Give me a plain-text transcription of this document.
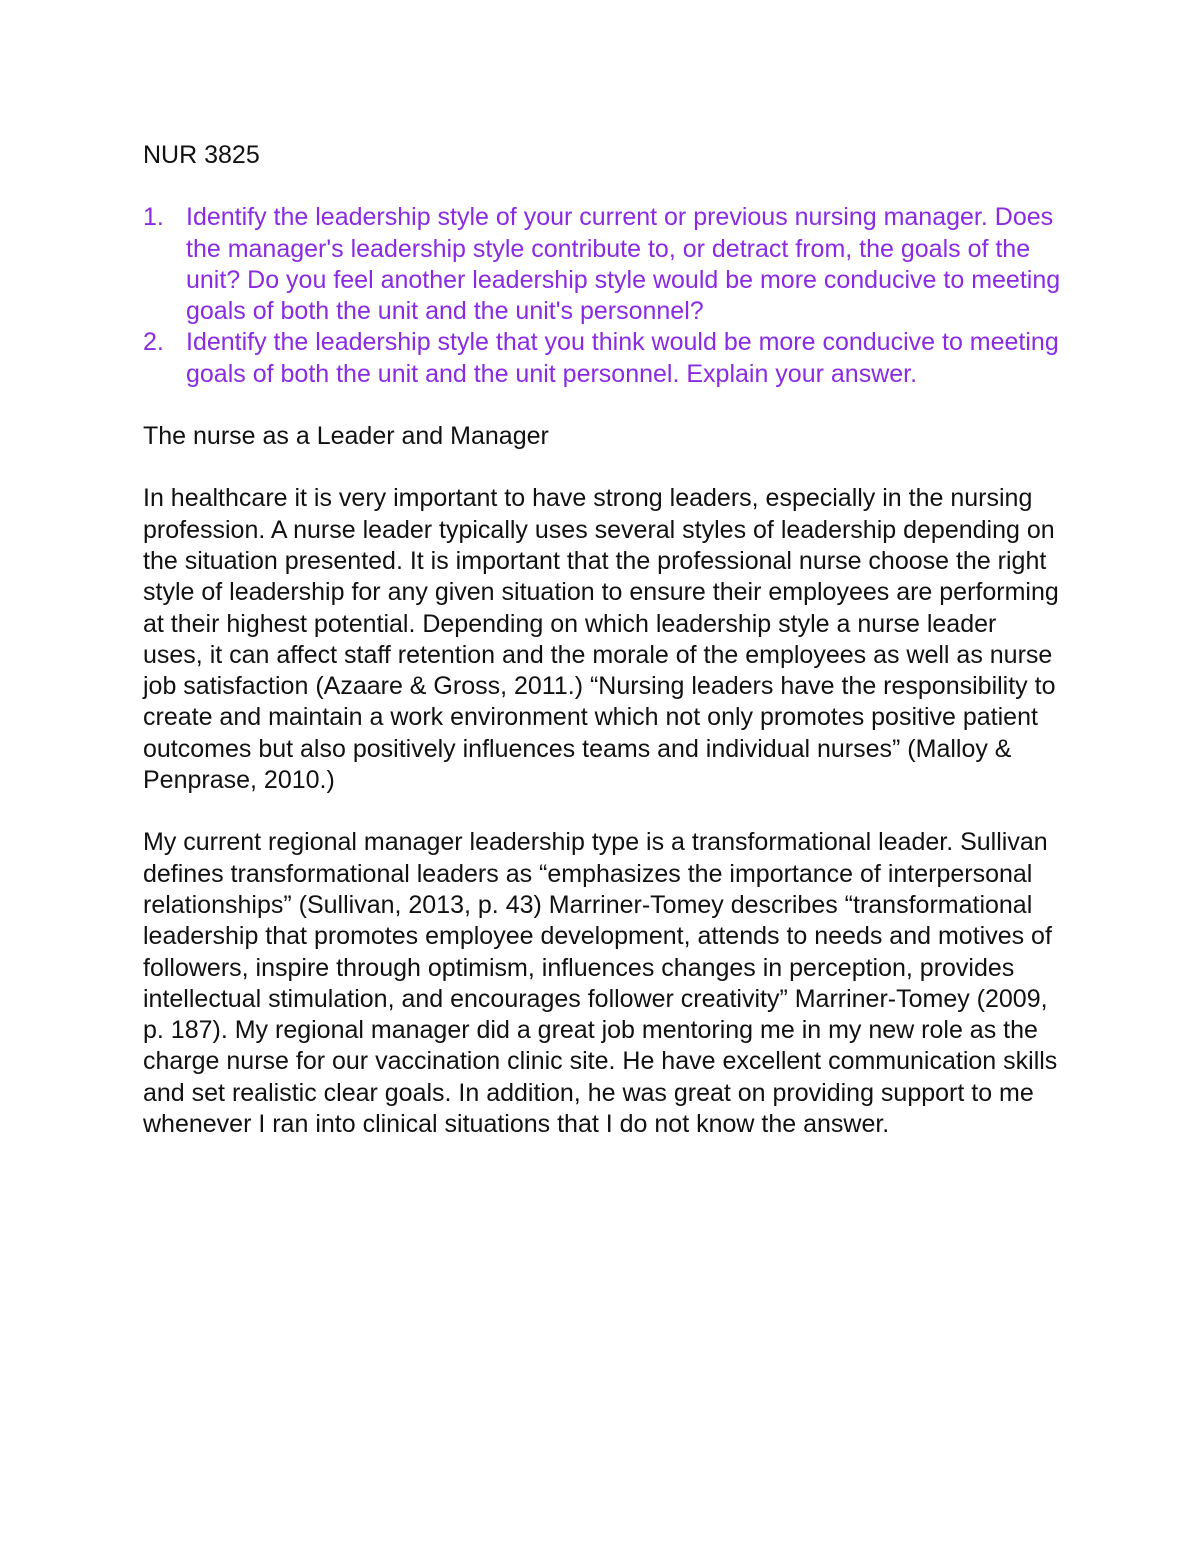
NUR 3825
1. Identify the leadership style of your current or previous nursing manager. Does the manager's leadership style contribute to, or detract from, the goals of the unit? Do you feel another leadership style would be more conducive to meeting goals of both the unit and the unit's personnel?
2. Identify the leadership style that you think would be more conducive to meeting goals of both the unit and the unit personnel. Explain your answer.
The nurse as a Leader and Manager

In healthcare it is very important to have strong leaders, especially in the nursing profession. A nurse leader typically uses several styles of leadership depending on the situation presented. It is important that the professional nurse choose the right style of leadership for any given situation to ensure their employees are performing at their highest potential. Depending on which leadership style a nurse leader uses, it can affect staff retention and the morale of the employees as well as nurse job satisfaction (Azaare & Gross, 2011.) “Nursing leaders have the responsibility to create and maintain a work environment which not only promotes positive patient outcomes but also positively influences teams and individual nurses” (Malloy & Penprase, 2010.)

My current regional manager leadership type is a transformational leader. Sullivan defines transformational leaders as “emphasizes the importance of interpersonal relationships” (Sullivan, 2013, p. 43) Marriner-Tomey describes “transformational leadership that promotes employee development, attends to needs and motives of followers, inspire through optimism, influences changes in perception, provides intellectual stimulation, and encourages follower creativity” Marriner-Tomey (2009, p. 187). My regional manager did a great job mentoring me in my new role as the charge nurse for our vaccination clinic site. He have excellent communication skills and set realistic clear goals. In addition, he was great on providing support to me whenever I ran into clinical situations that I do not know the answer.
